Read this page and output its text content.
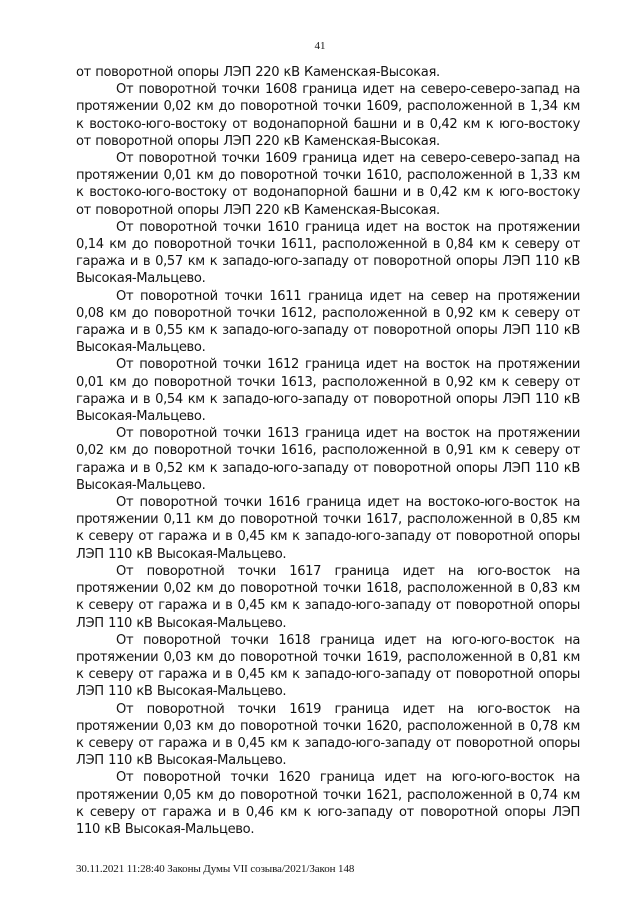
41

от поворотной опоры ЛЭП 220 кВ Каменская-Высокая.

От поворотной точки 1608 граница идет на северо-северо-запад на протяжении 0,02 км до поворотной точки 1609, расположенной в 1,34 км к востоко-юго-востоку от водонапорной башни и в 0,42 км к юго-востоку от поворотной опоры ЛЭП 220 кВ Каменская-Высокая.

От поворотной точки 1609 граница идет на северо-северо-запад на протяжении 0,01 км до поворотной точки 1610, расположенной в 1,33 км к востоко-юго-востоку от водонапорной башни и в 0,42 км к юго-востоку от поворотной опоры ЛЭП 220 кВ Каменская-Высокая.

От поворотной точки 1610 граница идет на восток на протяжении 0,14 км до поворотной точки 1611, расположенной в 0,84 км к северу от гаража и в 0,57 км к западо-юго-западу от поворотной опоры ЛЭП 110 кВ Высокая-Мальцево.

От поворотной точки 1611 граница идет на север на протяжении 0,08 км до поворотной точки 1612, расположенной в 0,92 км к северу от гаража и в 0,55 км к западо-юго-западу от поворотной опоры ЛЭП 110 кВ Высокая-Мальцево.

От поворотной точки 1612 граница идет на восток на протяжении 0,01 км до поворотной точки 1613, расположенной в 0,92 км к северу от гаража и в 0,54 км к западо-юго-западу от поворотной опоры ЛЭП 110 кВ Высокая-Мальцево.

От поворотной точки 1613 граница идет на восток на протяжении 0,02 км до поворотной точки 1616, расположенной в 0,91 км к северу от гаража и в 0,52 км к западо-юго-западу от поворотной опоры ЛЭП 110 кВ Высокая-Мальцево.

От поворотной точки 1616 граница идет на востоко-юго-восток на протяжении 0,11 км до поворотной точки 1617, расположенной в 0,85 км к северу от гаража и в 0,45 км к западо-юго-западу от поворотной опоры ЛЭП 110 кВ Высокая-Мальцево.

От поворотной точки 1617 граница идет на юго-восток на протяжении 0,02 км до поворотной точки 1618, расположенной в 0,83 км к северу от гаража и в 0,45 км к западо-юго-западу от поворотной опоры ЛЭП 110 кВ Высокая-Мальцево.

От поворотной точки 1618 граница идет на юго-юго-восток на протяжении 0,03 км до поворотной точки 1619, расположенной в 0,81 км к северу от гаража и в 0,45 км к западо-юго-западу от поворотной опоры ЛЭП 110 кВ Высокая-Мальцево.

От поворотной точки 1619 граница идет на юго-восток на протяжении 0,03 км до поворотной точки 1620, расположенной в 0,78 км к северу от гаража и в 0,45 км к западо-юго-западу от поворотной опоры ЛЭП 110 кВ Высокая-Мальцево.

От поворотной точки 1620 граница идет на юго-юго-восток на протяжении 0,05 км до поворотной точки 1621, расположенной в 0,74 км к северу от гаража и в 0,46 км к юго-западу от поворотной опоры ЛЭП 110 кВ Высокая-Мальцево.

30.11.2021 11:28:40 Законы Думы VII созыва/2021/Закон 148
